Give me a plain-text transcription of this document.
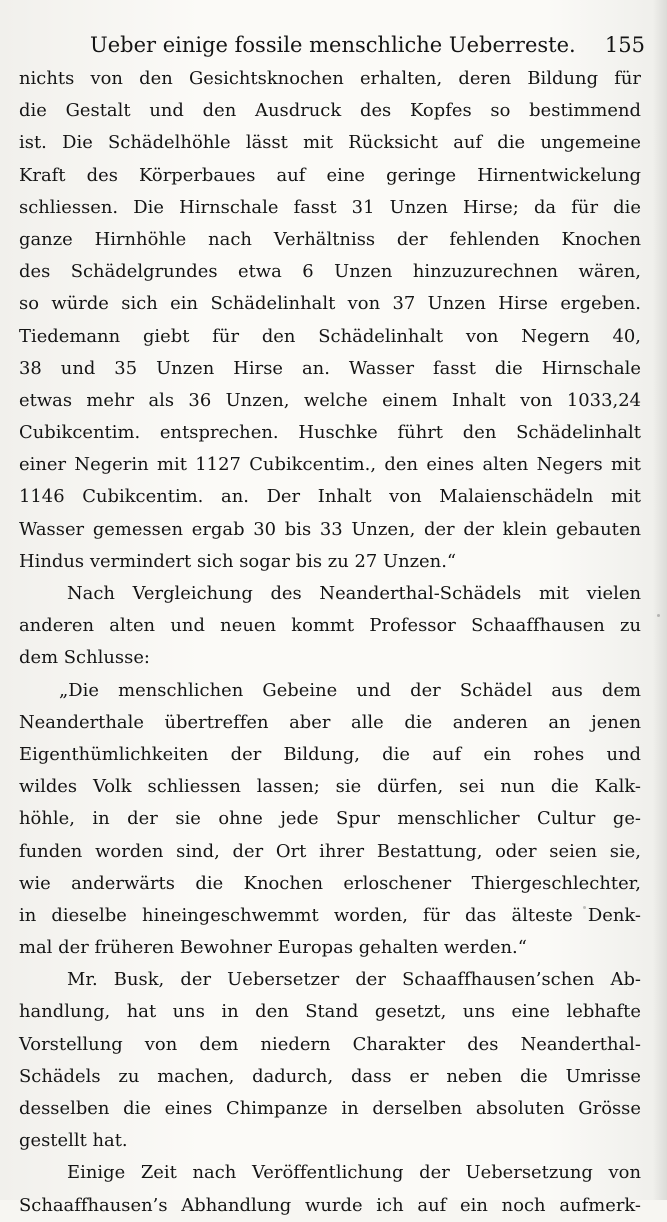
Ueber einige fossile menschliche Ueberreste. 155
nichts von den Gesichtsknochen erhalten, deren Bildung für
die Gestalt und den Ausdruck des Kopfes so bestimmend
ist. Die Schädelhöhle lässt mit Rücksicht auf die ungemeine
Kraft des Körperbaues auf eine geringe Hirnentwickelung
schliessen. Die Hirnschale fasst 31 Unzen Hirse; da für die
ganze Hirnhöhle nach Verhältniss der fehlenden Knochen
des Schädelgrundes etwa 6 Unzen hinzuzurechnen wären,
so würde sich ein Schädelinhalt von 37 Unzen Hirse ergeben.
Tiedemann giebt für den Schädelinhalt von Negern 40,
38 und 35 Unzen Hirse an. Wasser fasst die Hirnschale
etwas mehr als 36 Unzen, welche einem Inhalt von 1033,24
Cubikcentim. entsprechen. Huschke führt den Schädelinhalt
einer Negerin mit 1127 Cubikcentim., den eines alten Negers mit
1146 Cubikcentim. an. Der Inhalt von Malaienschädeln mit
Wasser gemessen ergab 30 bis 33 Unzen, der der klein gebauten
Hindus vermindert sich sogar bis zu 27 Unzen.“
Nach Vergleichung des Neanderthal-Schädels mit vielen
anderen alten und neuen kommt Professor Schaaffhausen zu
dem Schlusse:
„Die menschlichen Gebeine und der Schädel aus dem
Neanderthale übertreffen aber alle die anderen an jenen
Eigenthümlichkeiten der Bildung, die auf ein rohes und
wildes Volk schliessen lassen; sie dürfen, sei nun die Kalk-
höhle, in der sie ohne jede Spur menschlicher Cultur ge-
funden worden sind, der Ort ihrer Bestattung, oder seien sie,
wie anderwärts die Knochen erloschener Thiergeschlechter,
in dieselbe hineingeschwemmt worden, für das älteste Denk-
mal der früheren Bewohner Europas gehalten werden.“
Mr. Busk, der Uebersetzer der Schaaffhausen’schen Ab-
handlung, hat uns in den Stand gesetzt, uns eine lebhafte
Vorstellung von dem niedern Charakter des Neanderthal-
Schädels zu machen, dadurch, dass er neben die Umrisse
desselben die eines Chimpanze in derselben absoluten Grösse
gestellt hat.
Einige Zeit nach Veröffentlichung der Uebersetzung von
Schaaffhausen’s Abhandlung wurde ich auf ein noch aufmerk-
